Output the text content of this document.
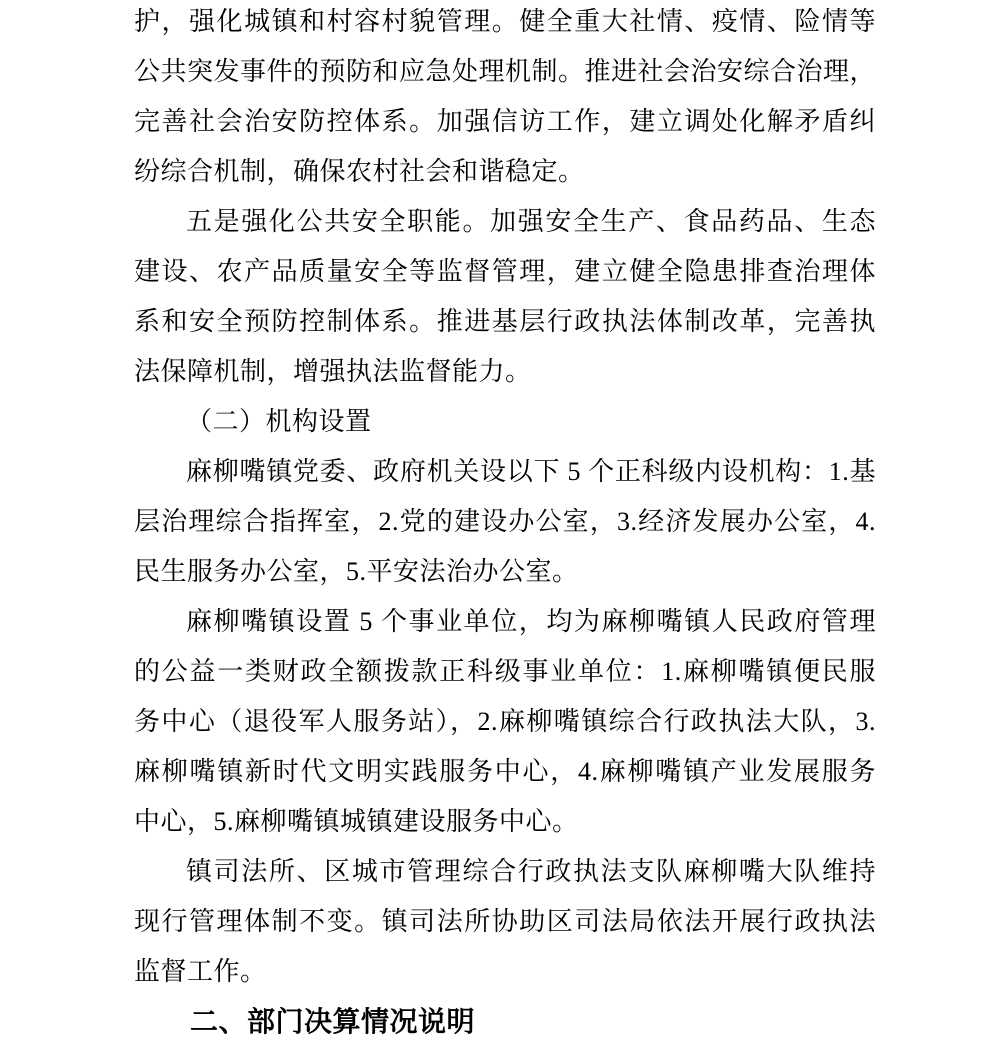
护，强化城镇和村容村貌管理。健全重大社情、疫情、险情等
公共突发事件的预防和应急处理机制。推进社会治安综合治理，
完善社会治安防控体系。加强信访工作，建立调处化解矛盾纠
纷综合机制，确保农村社会和谐稳定。
五是强化公共安全职能。加强安全生产、食品药品、生态
建设、农产品质量安全等监督管理，建立健全隐患排查治理体
系和安全预防控制体系。推进基层行政执法体制改革，完善执
法保障机制，增强执法监督能力。
（二）机构设置
麻柳嘴镇党委、政府机关设以下 5 个正科级内设机构：1.基
层治理综合指挥室，2.党的建设办公室，3.经济发展办公室，4.
民生服务办公室，5.平安法治办公室。
麻柳嘴镇设置 5 个事业单位，均为麻柳嘴镇人民政府管理
的公益一类财政全额拨款正科级事业单位：1.麻柳嘴镇便民服
务中心（退役军人服务站），2.麻柳嘴镇综合行政执法大队，3.
麻柳嘴镇新时代文明实践服务中心，4.麻柳嘴镇产业发展服务
中心，5.麻柳嘴镇城镇建设服务中心。
镇司法所、区城市管理综合行政执法支队麻柳嘴大队维持
现行管理体制不变。镇司法所协助区司法局依法开展行政执法
监督工作。
二、部门决算情况说明
